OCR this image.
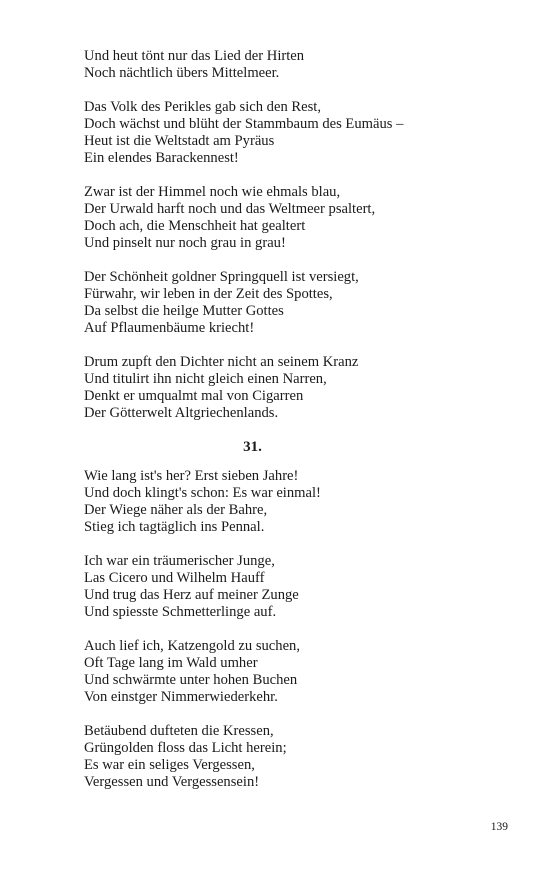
Und heut tönt nur das Lied der Hirten
Noch nächtlich übers Mittelmeer.
Das Volk des Perikles gab sich den Rest,
Doch wächst und blüht der Stammbaum des Eumäus –
Heut ist die Weltstadt am Pyräus
Ein elendes Barackennest!
Zwar ist der Himmel noch wie ehmals blau,
Der Urwald harft noch und das Weltmeer psaltert,
Doch ach, die Menschheit hat gealtert
Und pinselt nur noch grau in grau!
Der Schönheit goldner Springquell ist versiegt,
Fürwahr, wir leben in der Zeit des Spottes,
Da selbst die heilge Mutter Gottes
Auf Pflaumenbäume kriecht!
Drum zupft den Dichter nicht an seinem Kranz
Und titulirt ihn nicht gleich einen Narren,
Denkt er umqualmt mal von Cigarren
Der Götterwelt Altgriechenlands.
31.
Wie lang ist's her? Erst sieben Jahre!
Und doch klingt's schon: Es war einmal!
Der Wiege näher als der Bahre,
Stieg ich tagtäglich ins Pennal.
Ich war ein träumerischer Junge,
Las Cicero und Wilhelm Hauff
Und trug das Herz auf meiner Zunge
Und spiesste Schmetterlinge auf.
Auch lief ich, Katzengold zu suchen,
Oft Tage lang im Wald umher
Und schwärmte unter hohen Buchen
Von einstger Nimmerwiederkehr.
Betäubend dufteten die Kressen,
Grüngolden floss das Licht herein;
Es war ein seliges Vergessen,
Vergessen und Vergessensein!
139
